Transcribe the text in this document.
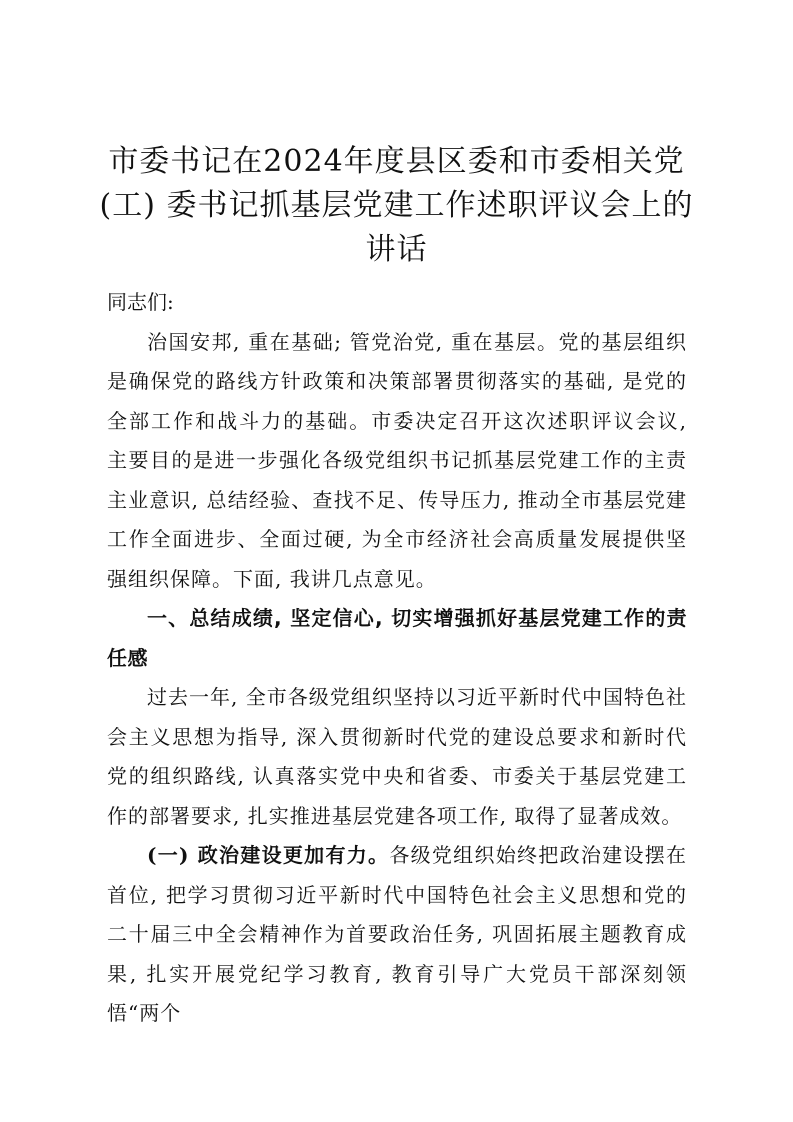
市委书记在2024年度县区委和市委相关党
(工) 委书记抓基层党建工作述职评议会上的
讲话
同志们:

治国安邦, 重在基础; 管党治党, 重在基层。党的基层组织是确保党的路线方针政策和决策部署贯彻落实的基础, 是党的全部工作和战斗力的基础。市委决定召开这次述职评议会议, 主要目的是进一步强化各级党组织书记抓基层党建工作的主责主业意识, 总结经验、查找不足、传导压力, 推动全市基层党建工作全面进步、全面过硬, 为全市经济社会高质量发展提供坚强组织保障。下面, 我讲几点意见。

一、总结成绩, 坚定信心, 切实增强抓好基层党建工作的责任感

过去一年, 全市各级党组织坚持以习近平新时代中国特色社会主义思想为指导, 深入贯彻新时代党的建设总要求和新时代党的组织路线, 认真落实党中央和省委、市委关于基层党建工作的部署要求, 扎实推进基层党建各项工作, 取得了显著成效。

(一) 政治建设更加有力。各级党组织始终把政治建设摆在首位, 把学习贯彻习近平新时代中国特色社会主义思想和党的二十届三中全会精神作为首要政治任务, 巩固拓展主题教育成果, 扎实开展党纪学习教育, 教育引导广大党员干部深刻领悟“两个
